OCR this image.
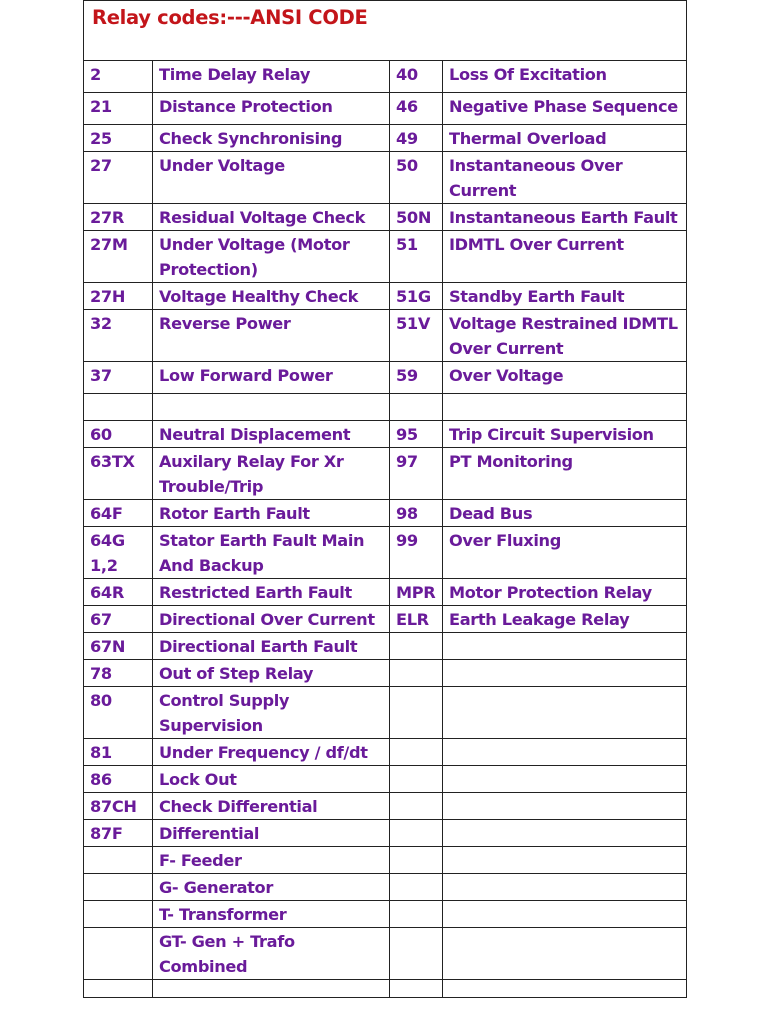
Relay codes:---ANSI CODE			
2	Time Delay Relay	40	Loss Of Excitation
21	Distance Protection	46	Negative Phase Sequence
25	Check Synchronising	49	Thermal Overload
27	Under Voltage	50	Instantaneous Over Current
27R	Residual Voltage Check	50N	Instantaneous Earth Fault
27M	Under Voltage (Motor Protection)	51	IDMTL Over Current
27H	Voltage Healthy Check	51G	Standby Earth Fault
32	Reverse Power	51V	Voltage Restrained IDMTL Over Current
37	Low Forward Power	59	Over Voltage

60	Neutral Displacement	95	Trip Circuit Supervision
63TX	Auxilary Relay For Xr Trouble/Trip	97	PT Monitoring
64F	Rotor Earth Fault	98	Dead Bus
64G 1,2	Stator Earth Fault Main And Backup	99	Over Fluxing
64R	Restricted Earth Fault	MPR	Motor Protection Relay
67	Directional Over Current	ELR	Earth Leakage Relay
67N	Directional Earth Fault		
78	Out of Step Relay		
80	Control Supply Supervision		
81	Under Frequency / df/dt		
86	Lock Out		
87CH	Check Differential		
87F	Differential		
	F- Feeder		
	G- Generator		
	T- Transformer		
	GT- Gen + Trafo Combined		
